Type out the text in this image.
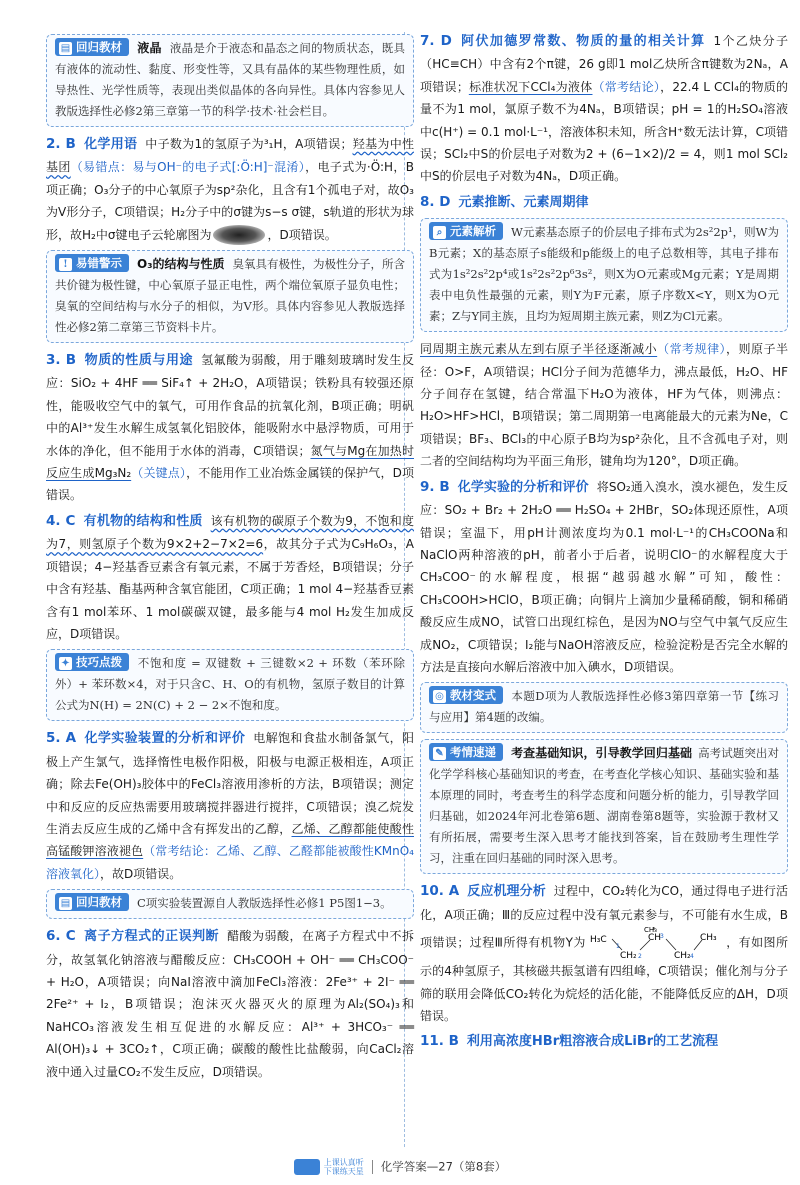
▤ 回归教材 液晶 液晶是介于液态和晶态之间的物质状态，既具有液体的流动性、黏度、形变性等，又具有晶体的某些物理性质，如导热性、光学性质等，表现出类似晶体的各向异性。具体内容参见人教版选择性必修2第三章第一节的科学·技术·社会栏目。

2. B 化学用语 中子数为1的氢原子为³₁H，A项错误；羟基为中性基团（易错点：易与OH⁻的电子式[:Ö:H]⁻混淆），电子式为·Ö:H，B项正确；O₃分子的中心氧原子为sp²杂化，且含有1个孤电子对，故O₃为V形分子，C项错误；H₂分子中的σ键为s−s σ键，s轨道的形状为球形，故H₂中σ键电子云轮廓图为	，D项错误。

! 易错警示 O₃的结构与性质 臭氧具有极性，为极性分子，所含共价键为极性键，中心氧原子显正电性，两个端位氧原子显负电性；臭氧的空间结构与水分子的相似，为V形。具体内容参见人教版选择性必修2第二章第三节资料卡片。

3. B 物质的性质与用途 氢氟酸为弱酸，用于雕刻玻璃时发生反应：SiO₂ + 4HF ══ SiF₄↑ + 2H₂O，A项错误；铁粉具有较强还原性，能吸收空气中的氧气，可用作食品的抗氧化剂，B项正确；明矾中的Al³⁺发生水解生成氢氧化铝胶体，能吸附水中悬浮物质，可用于水体的净化，但不能用于水体的消毒，C项错误；氮气与Mg在加热时反应生成Mg₃N₂（关键点），不能用作工业冶炼金属镁的保护气，D项错误。

4. C 有机物的结构和性质 该有机物的碳原子个数为9，不饱和度为7，则氢原子个数为9×2+2−7×2=6，故其分子式为C₉H₆O₃，A项错误；4−羟基香豆素含有氧元素，不属于芳香烃，B项错误；分子中含有羟基、酯基两种含氧官能团，C项正确；1 mol 4−羟基香豆素含有1 mol苯环、1 mol碳碳双键，最多能与4 mol H₂发生加成反应，D项错误。

✦ 技巧点拨 不饱和度 = 双键数 + 三键数×2 + 环数（苯环除外）+ 苯环数×4，对于只含C、H、O的有机物，氢原子数目的计算公式为N(H) = 2N(C) + 2 − 2×不饱和度。

5. A 化学实验装置的分析和评价 电解饱和食盐水制备氯气，阳极上产生氯气，选择惰性电极作阳极，阳极与电源正极相连，A项正确；除去Fe(OH)₃胶体中的FeCl₃溶液用渗析的方法，B项错误；测定中和反应的反应热需要用玻璃搅拌器进行搅拌，C项错误；溴乙烷发生消去反应生成的乙烯中含有挥发出的乙醇，乙烯、乙醇都能使酸性高锰酸钾溶液褪色（常考结论：乙烯、乙醇、乙醛都能被酸性KMnO₄溶液氧化），故D项错误。

▤ 回归教材 C项实验装置源自人教版选择性必修1 P5图1−3。

6. C 离子方程式的正误判断 醋酸为弱酸，在离子方程式中不拆分，故氢氧化钠溶液与醋酸反应：CH₃COOH + OH⁻ ══ CH₃COO⁻ + H₂O，A项错误；向NaI溶液中滴加FeCl₃溶液：2Fe³⁺ + 2I⁻ ══ 2Fe²⁺ + I₂，B项错误；泡沫灭火器灭火的原理为Al₂(SO₄)₃和NaHCO₃溶液发生相互促进的水解反应：Al³⁺ + 3HCO₃⁻ ══ Al(OH)₃↓ + 3CO₂↑，C项正确；碳酸的酸性比盐酸弱，向CaCl₂溶液中通入过量CO₂不发生反应，D项错误。

7. D 阿伏加德罗常数、物质的量的相关计算 1个乙炔分子（HC≡CH）中含有2个π键，26 g即1 mol乙炔所含π键数为2Nₐ，A项错误；标准状况下CCl₄为液体（常考结论），22.4 L CCl₄的物质的量不为1 mol，氯原子数不为4Nₐ，B项错误；pH = 1的H₂SO₄溶液中c(H⁺) = 0.1 mol·L⁻¹，溶液体积未知，所含H⁺数无法计算，C项错误；SCl₂中S的价层电子对数为2 + (6−1×2)/2 = 4，则1 mol SCl₂中S的价层电子对数为4Nₐ，D项正确。

8. D 元素推断、元素周期律

⌕ 元素解析 W元素基态原子的价层电子排布式为2s²2p¹，则W为B元素；X的基态原子s能级和p能级上的电子总数相等，其电子排布式为1s²2s²2p⁴或1s²2s²2p⁶3s²，则X为O元素或Mg元素；Y是周期表中电负性最强的元素，则Y为F元素，原子序数X<Y，则X为O元素；Z与Y同主族，且均为短周期主族元素，则Z为Cl元素。

同周期主族元素从左到右原子半径逐渐减小（常考规律），则原子半径：O>F，A项错误；HCl分子间为范德华力，沸点最低，H₂O、HF分子间存在氢键，结合常温下H₂O为液体，HF为气体，则沸点：H₂O>HF>HCl，B项错误；第二周期第一电离能最大的元素为Ne，C项错误；BF₃、BCl₃的中心原子B均为sp²杂化，且不含孤电子对，则二者的空间结构均为平面三角形，键角均为120°，D项正确。

9. B 化学实验的分析和评价 将SO₂通入溴水，溴水褪色，发生反应：SO₂ + Br₂ + 2H₂O ══ H₂SO₄ + 2HBr，SO₂体现还原性，A项错误；室温下，用pH计测浓度均为0.1 mol·L⁻¹的CH₃COONa和NaClO两种溶液的pH，前者小于后者，说明ClO⁻的水解程度大于CH₃COO⁻的水解程度，根据“越弱越水解”可知，酸性：CH₃COOH>HClO，B项正确；向铜片上滴加少量稀硝酸，铜和稀硝酸反应生成NO，试管口出现红棕色，是因为NO与空气中氧气反应生成NO₂，C项错误；I₂能与NaOH溶液反应，检验淀粉是否完全水解的方法是直接向水解后溶液中加入碘水，D项错误。

◎ 教材变式 本题D项为人教版选择性必修3第四章第一节【练习与应用】第4题的改编。

✎ 考情速递 考查基础知识，引导教学回归基础 高考试题突出对化学学科核心基础知识的考查，在考查化学核心知识、基础实验和基本原理的同时，考查考生的科学态度和问题分析的能力，引导教学回归基础，如2024年河北卷第6题、湖南卷第8题等，实验源于教材又有所拓展，需要考生深入思考才能找到答案，旨在鼓励考生理性学习，注重在回归基础的同时深入思考。

10. A 反应机理分析 过程中，CO₂转化为CO，通过得电子进行活化，A项正确；Ⅲ的反应过程中没有氧元素参与，不可能有水生成，B项错误；过程Ⅲ所得有机物Y为 H₃C
CH₂
CH
CH₃
CH₂
CH₃
1
2
3
4
，有如图所示的4种氢原子，其核磁共振氢谱有四组峰，C项错误；催化剂与分子筛的联用会降低CO₂转化为烷烃的活化能，不能降低反应的ΔH，D项错误。

11. B 利用高浓度HBr粗溶液合成LiBr的工艺流程

上课认真听
下课练天星 化学答案—27（第8套）
